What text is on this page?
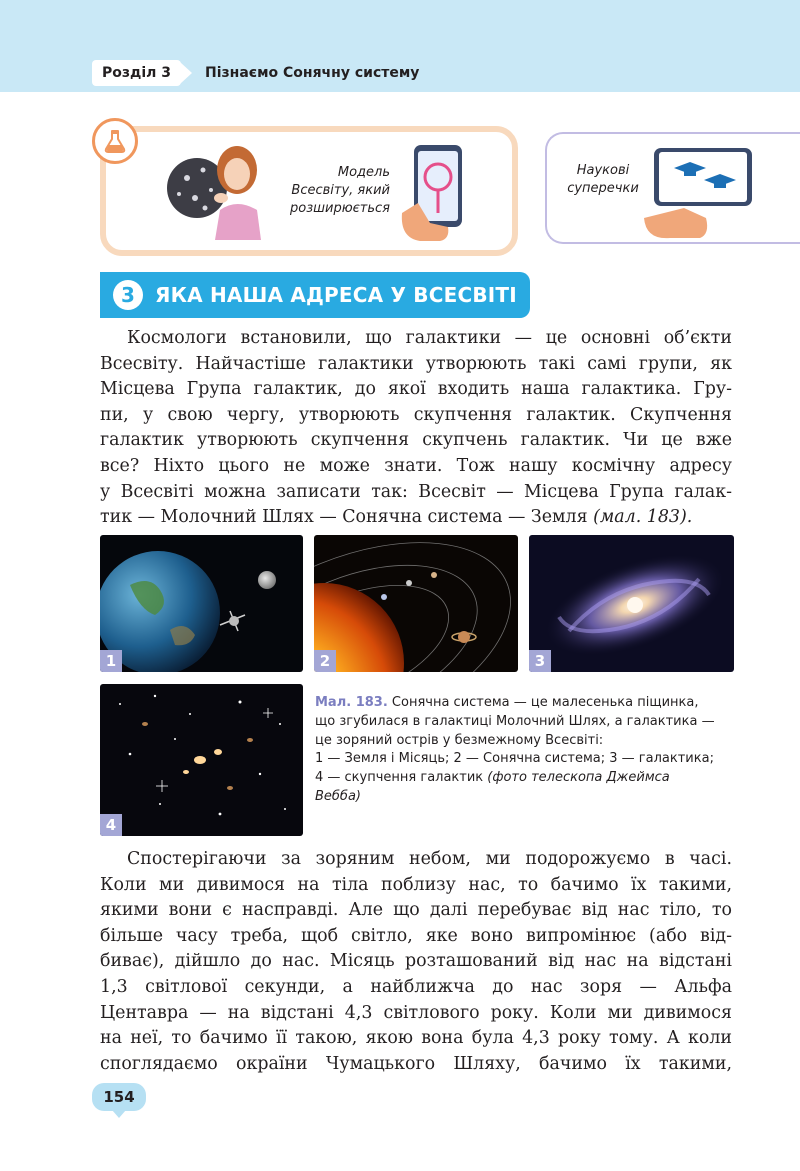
Розділ 3	Пізнаємо Сонячну систему
Модель
Всесвіту, який
розширюється
Наукові
суперечки
3	ЯКА НАША АДРЕСА У ВСЕСВІТІ
Космологи встановили, що галактики — це основні об’єкти
Всесвіту. Найчастіше галактики утворюють такі самі групи, як
Місцева Група галактик, до якої входить наша галактика. Гру-
пи, у свою чергу, утворюють скупчення галактик. Скупчення
галактик утворюють скупчення скупчень галактик. Чи це вже
все? Ніхто цього не може знати. Тож нашу космічну адресу
у Всесвіті можна записати так: Всесвіт — Місцева Група галак-
тик — Молочний Шлях — Сонячна система — Земля (мал. 183).
1	2	3
4
Мал. 183. Сонячна система — це малесенька піщинка,
що згубилася в галактиці Молочний Шлях, а галактика —
це зоряний острів у безмежному Всесвіті:
1 — Земля і Місяць; 2 — Сонячна система; 3 — галактика;
4 — скупчення галактик (фото телескопа Джеймса
Вебба)
Спостерігаючи за зоряним небом, ми подорожуємо в часі.
Коли ми дивимося на тіла поблизу нас, то бачимо їх такими,
якими вони є насправді. Але що далі перебуває від нас тіло, то
більше часу треба, щоб світло, яке воно випромінює (або від-
биває), дійшло до нас. Місяць розташований від нас на відстані
1,3 світлової секунди, а найближча до нас зоря — Альфа
Центавра — на відстані 4,3 світлового року. Коли ми дивимося
на неї, то бачимо її такою, якою вона була 4,3 року тому. А коли
споглядаємо окраїни Чумацького Шляху, бачимо їх такими,
154
